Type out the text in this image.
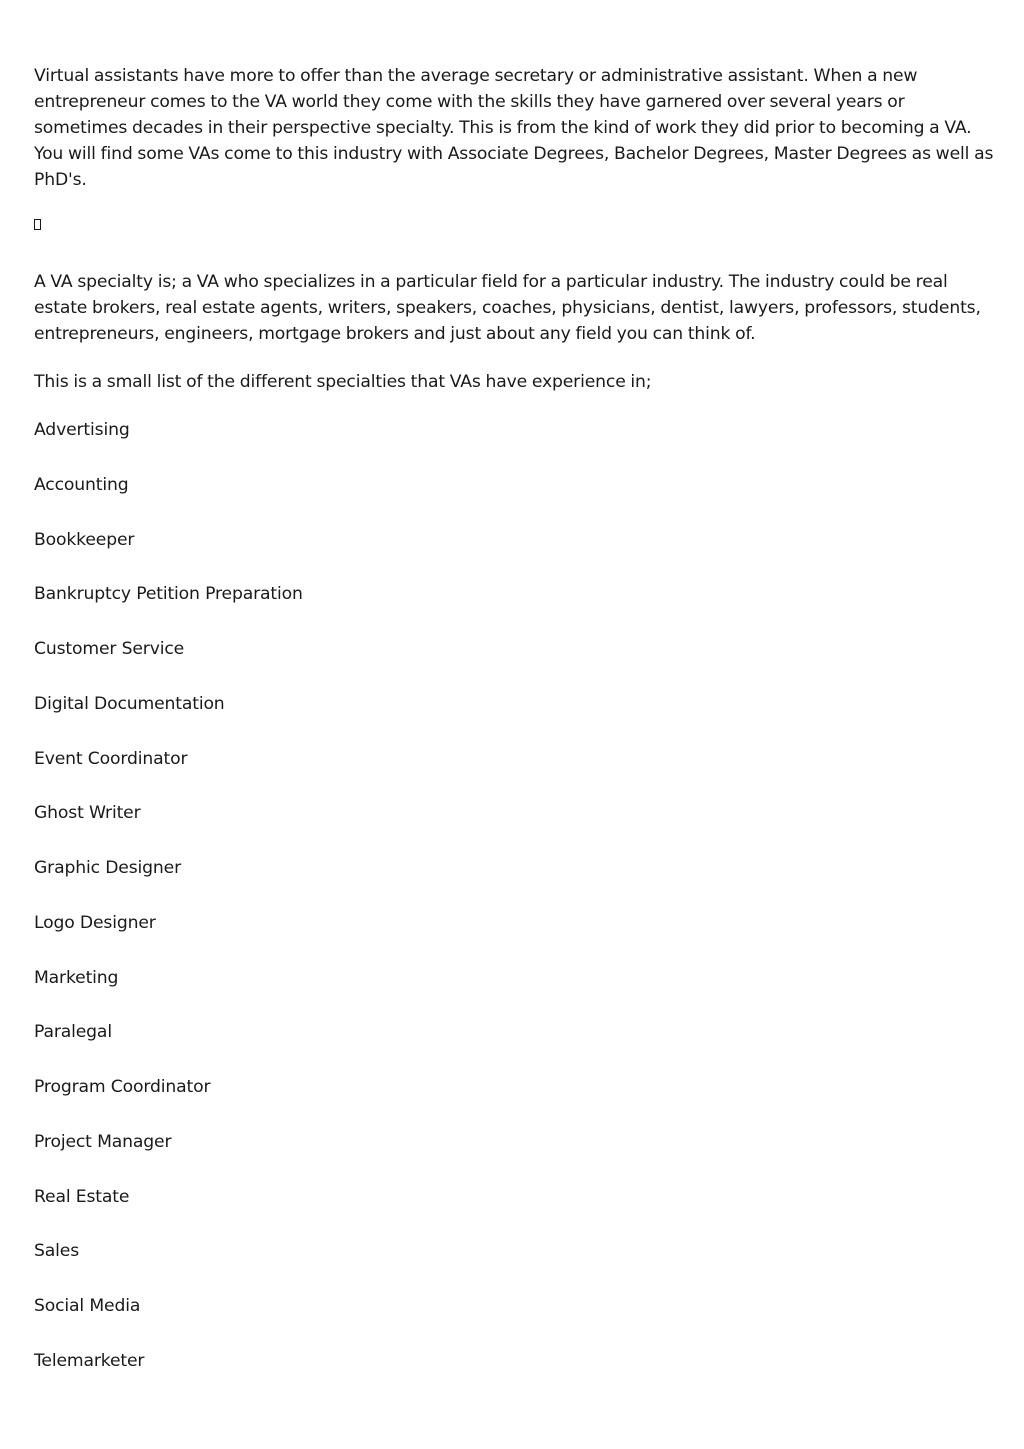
Virtual assistants have more to offer than the average secretary or administrative assistant. When a new entrepreneur comes to the VA world they come with the skills they have garnered over several years or sometimes decades in their perspective specialty. This is from the kind of work they did prior to becoming a VA. You will find some VAs come to this industry with Associate Degrees, Bachelor Degrees, Master Degrees as well as PhD's.

A VA specialty is; a VA who specializes in a particular field for a particular industry. The industry could be real estate brokers, real estate agents, writers, speakers, coaches, physicians, dentist, lawyers, professors, students, entrepreneurs, engineers, mortgage brokers and just about any field you can think of.

This is a small list of the different specialties that VAs have experience in;

Advertising
Accounting
Bookkeeper
Bankruptcy Petition Preparation
Customer Service
Digital Documentation
Event Coordinator
Ghost Writer
Graphic Designer
Logo Designer
Marketing
Paralegal
Program Coordinator
Project Manager
Real Estate
Sales
Social Media
Telemarketer
